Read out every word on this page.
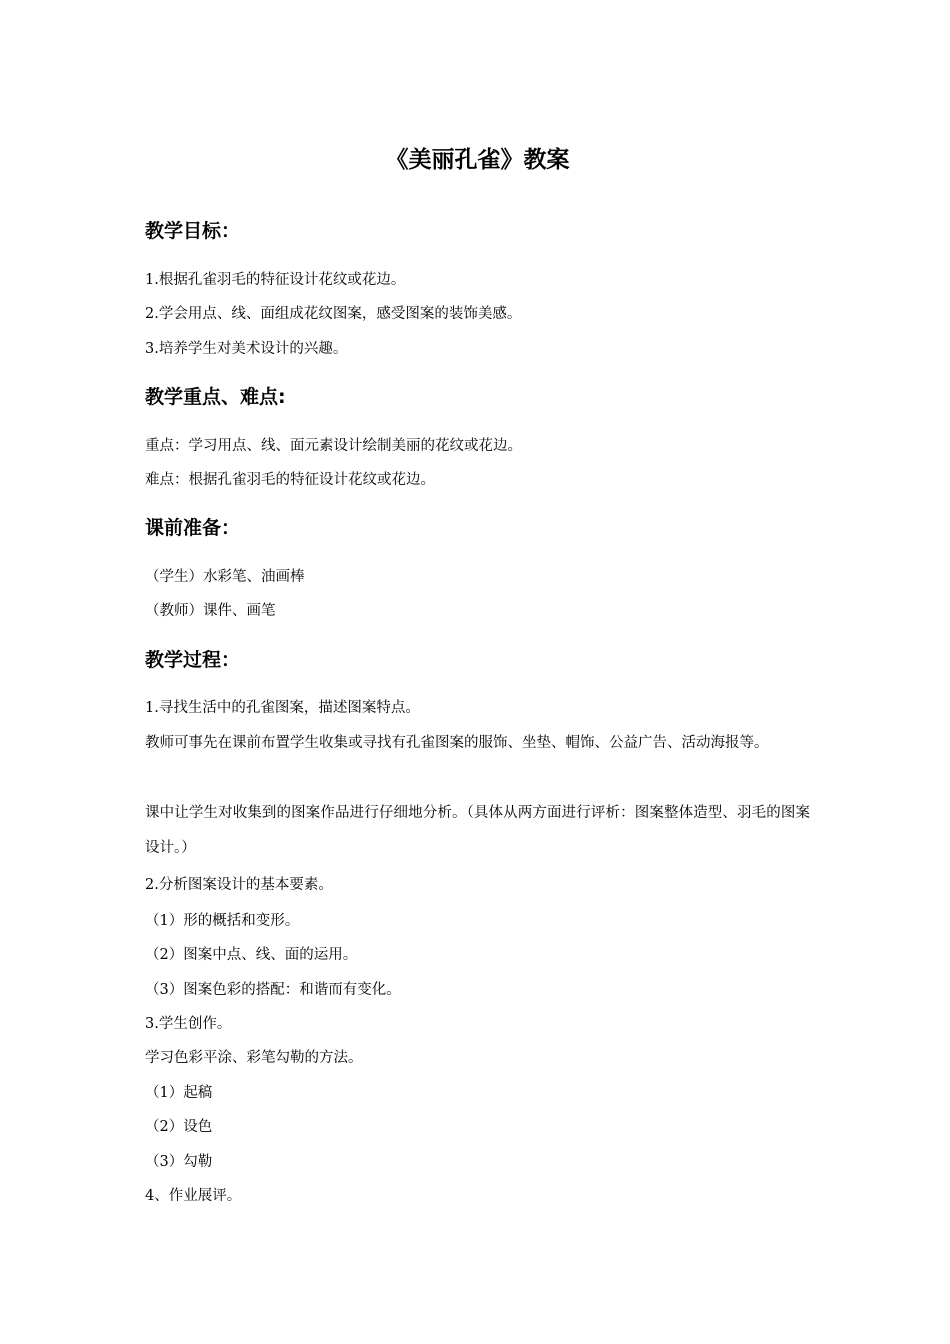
《美丽孔雀》教案
教学目标：

1.根据孔雀羽毛的特征设计花纹或花边。

2.学会用点、线、面组成花纹图案，感受图案的装饰美感。

3.培养学生对美术设计的兴趣。

教学重点、难点:

重点：学习用点、线、面元素设计绘制美丽的花纹或花边。

难点：根据孔雀羽毛的特征设计花纹或花边。

课前准备：

（学生）水彩笔、油画棒

（教师）课件、画笔

教学过程：

1.寻找生活中的孔雀图案，描述图案特点。

教师可事先在课前布置学生收集或寻找有孔雀图案的服饰、坐垫、帽饰、公益广告、活动海报等。

课中让学生对收集到的图案作品进行仔细地分析。（具体从两方面进行评析：图案整体造型、羽毛的图案设计。）

2.分析图案设计的基本要素。

（1）形的概括和变形。

（2）图案中点、线、面的运用。

（3）图案色彩的搭配：和谐而有变化。

3.学生创作。

学习色彩平涂、彩笔勾勒的方法。

（1）起稿

（2）设色

（3）勾勒

4、作业展评。
